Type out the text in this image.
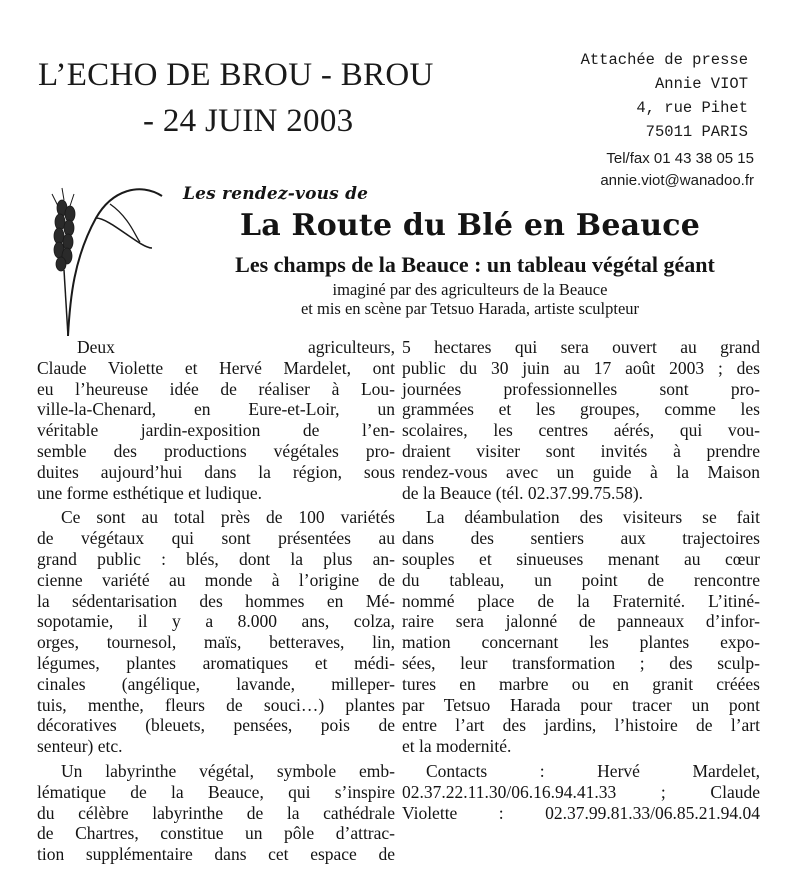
L’ECHO DE BROU - BROU
- 24 JUIN 2003
Attachée de presse
Annie VIOT
4, rue Pihet
75011 PARIS
Tel/fax 01 43 38 05 15
annie.viot@wanadoo.fr
Les rendez-vous de
La Route du Blé en Beauce
Les champs de la Beauce : un tableau végétal géant
imaginé par des agriculteurs de la Beauce
et mis en scène par Tetsuo Harada, artiste sculpteur
Deux agriculteurs,
Claude Violette et Hervé Mardelet, ont
eu l’heureuse idée de réaliser à Lou-
ville-la-Chenard, en Eure-et-Loir, un
véritable jardin-exposition de l’en-
semble des productions végétales pro-
duites aujourd’hui dans la région, sous
une forme esthétique et ludique.
Ce sont au total près de 100 variétés
de végétaux qui sont présentées au
grand public : blés, dont la plus an-
cienne variété au monde à l’origine de
la sédentarisation des hommes en Mé-
sopotamie, il y a 8.000 ans, colza,
orges, tournesol, maïs, betteraves, lin,
légumes, plantes aromatiques et médi-
cinales (angélique, lavande, milleper-
tuis, menthe, fleurs de souci…) plantes
décoratives (bleuets, pensées, pois de
senteur) etc.
Un labyrinthe végétal, symbole emb-
lématique de la Beauce, qui s’inspire
du célèbre labyrinthe de la cathédrale
de Chartres, constitue un pôle d’attrac-
tion supplémentaire dans cet espace de
5 hectares qui sera ouvert au grand
public du 30 juin au 17 août 2003 ; des
journées professionnelles sont pro-
grammées et les groupes, comme les
scolaires, les centres aérés, qui vou-
draient visiter sont invités à prendre
rendez-vous avec un guide à la Maison
de la Beauce (tél. 02.37.99.75.58).
La déambulation des visiteurs se fait
dans des sentiers aux trajectoires
souples et sinueuses menant au cœur
du tableau, un point de rencontre
nommé place de la Fraternité. L’itiné-
raire sera jalonné de panneaux d’infor-
mation concernant les plantes expo-
sées, leur transformation ; des sculp-
tures en marbre ou en granit créées
par Tetsuo Harada pour tracer un pont
entre l’art des jardins, l’histoire de l’art
et la modernité.
Contacts : Hervé Mardelet,
02.37.22.11.30/06.16.94.41.33 ; Claude
Violette : 02.37.99.81.33/06.85.21.94.04
